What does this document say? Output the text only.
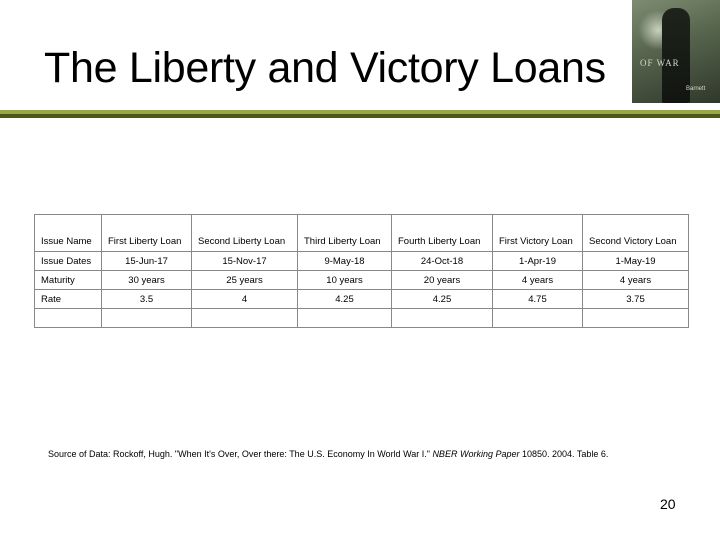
The Liberty and Victory Loans	OF WAR
Barnett
Issue Name	First Liberty Loan	Second Liberty Loan	Third Liberty Loan	Fourth Liberty Loan	First Victory Loan	Second Victory Loan
Issue Dates	15-Jun-17	15-Nov-17	9-May-18	24-Oct-18	1-Apr-19	1-May-19
Maturity	30 years	25 years	10 years	20 years	4 years	4 years
Rate	3.5	4	4.25	4.25	4.75	3.75

Source of Data: Rockoff, Hugh. "When It's Over, Over there: The U.S. Economy In World War I." NBER Working Paper 10850. 2004. Table 6.
20
